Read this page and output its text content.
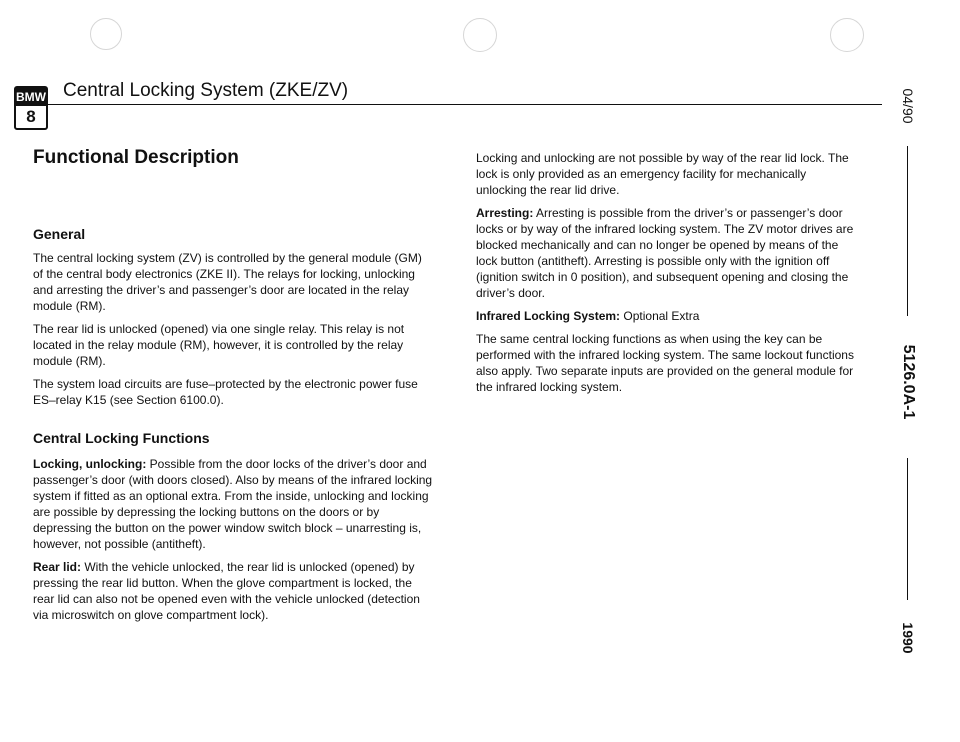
BMW
8
Central Locking System (ZKE/ZV)
Functional Description
General

The central locking system (ZV) is controlled by the general module (GM) of the central body electronics (ZKE II). The relays for locking, unlocking and arresting the driver’s and passenger’s door are located in the relay module (RM).

The rear lid is unlocked (opened) via one single relay. This relay is not located in the relay module (RM), however, it is controlled by the relay module (RM).

The system load circuits are fuse–protected by the electronic power fuse ES–relay K15 (see Section 6100.0).

Central Locking Functions

Locking, unlocking: Possible from the door locks of the driver’s door and passenger’s door (with doors closed). Also by means of the infrared locking system if fitted as an optional extra. From the inside, unlocking and locking are possible by depressing the locking buttons on the doors or by depressing the button on the power window switch block – unarresting is, however, not possible (antitheft).

Rear lid: With the vehicle unlocked, the rear lid is unlocked (opened) by pressing the rear lid button. When the glove compartment is locked, the rear lid can also not be opened even with the vehicle unlocked (detection via microswitch on glove compartment lock).

Locking and unlocking are not possible by way of the rear lid lock. The lock is only provided as an emergency facility for mechanically unlocking the rear lid drive.

Arresting: Arresting is possible from the driver’s or passenger’s door locks or by way of the infrared locking system. The ZV motor drives are blocked mechanically and can no longer be opened by means of the lock button (antitheft). Arresting is possible only with the ignition off (ignition switch in 0 position), and subsequent opening and closing the driver’s door.

Infrared Locking System: Optional Extra

The same central locking functions as when using the key can be performed with the infrared locking system. The same lockout functions also apply. Two separate inputs are provided on the general module for the infrared locking system.

04/90
5126.0A-1
1990
